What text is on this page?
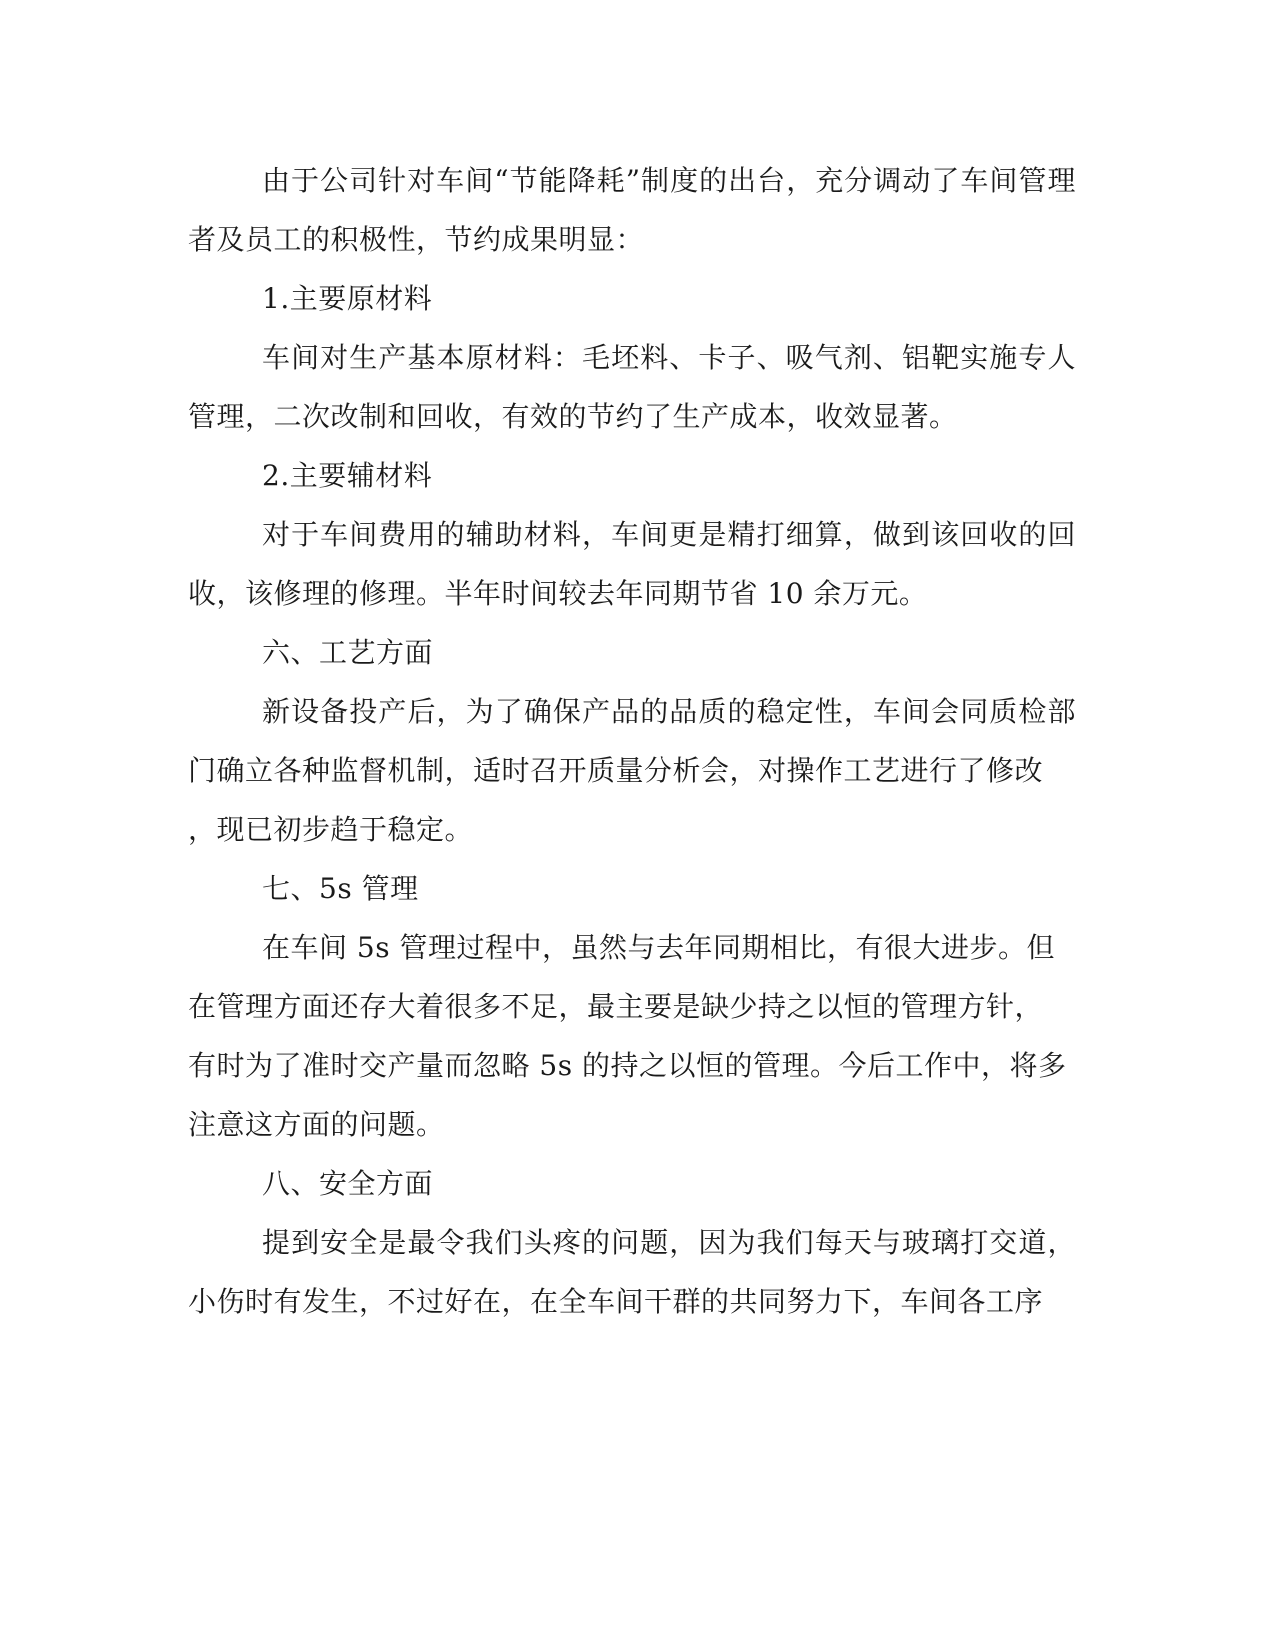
由于公司针对车间“节能降耗”制度的出台，充分调动了车间管理
者及员工的积极性，节约成果明显：
1.主要原材料
车间对生产基本原材料：毛坯料、卡子、吸气剂、铝靶实施专人
管理，二次改制和回收，有效的节约了生产成本，收效显著。
2.主要辅材料
对于车间费用的辅助材料，车间更是精打细算，做到该回收的回
收，该修理的修理。半年时间较去年同期节省 10 余万元。
六、工艺方面
新设备投产后，为了确保产品的品质的稳定性，车间会同质检部
门确立各种监督机制，适时召开质量分析会，对操作工艺进行了修改
，现已初步趋于稳定。
七、5s 管理
在车间 5s 管理过程中，虽然与去年同期相比，有很大进步。但
在管理方面还存大着很多不足，最主要是缺少持之以恒的管理方针，
有时为了准时交产量而忽略 5s 的持之以恒的管理。今后工作中，将多
注意这方面的问题。
八、安全方面
提到安全是最令我们头疼的问题，因为我们每天与玻璃打交道，
小伤时有发生，不过好在，在全车间干群的共同努力下，车间各工序
